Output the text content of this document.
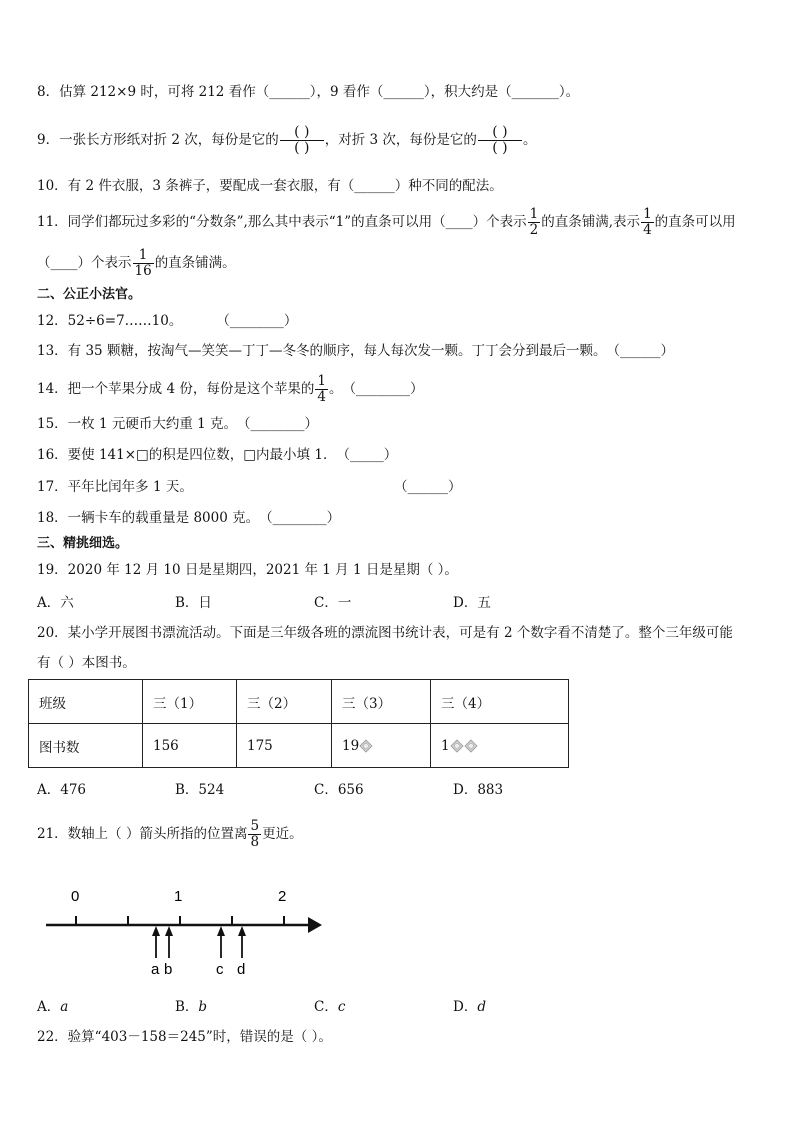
8．估算 212×9 时，可将 212 看作（______），9 看作（______），积大约是（_______）。
9．一张长方形纸对折 2 次，每份是它的 $\frac{( )}{( )}$ ，对折 3 次，每份是它的 $\frac{( )}{( )}$ 。
10．有 2 件衣服，3 条裤子，要配成一套衣服，有（______）种不同的配法。
11．同学们都玩过多彩的“分数条”,那么其中表示“1”的直条可以用（____）个表示 $\frac{1}{2}$ 的直条铺满,表示 $\frac{1}{4}$ 的直条可以用
（____）个表示 $\frac{1}{16}$ 的直条铺满。
二、公正小法官。
12．52÷6=7……10。	（________）
13．有 35 颗糖，按淘气—笑笑—丁丁—冬冬的顺序，每人每次发一颗。丁丁会分到最后一颗。（______）
14．把一个苹果分成 4 份，每份是这个苹果的 $\frac{1}{4}$ 。（________）
15．一枚 1 元硬币大约重 1 克。（________）
16．要使 141×□的积是四位数，□内最小填 1．（_____）
17．平年比闰年多 1 天。	（______）
18．一辆卡车的载重量是 8000 克。（________）
三、精挑细选。
19．2020 年 12 月 10 日是星期四，2021 年 1 月 1 日是星期（ ）。
A．六	B．日	C．一	D．五
20．某小学开展图书漂流活动。下面是三年级各班的漂流图书统计表，可是有 2 个数字看不清楚了。整个三年级可能
有（ ）本图书。
班级	三（1）	三（2）	三（3）	三（4）
图书数	156	175	19	1
A．476	B．524	C．656	D．883
21．数轴上（ ）箭头所指的位置离 $\frac{5}{8}$ 更近。
0	1	2
a b	c d
A．a	B．b	C．c	D．d
22．验算“403－158＝245”时，错误的是（ ）。
